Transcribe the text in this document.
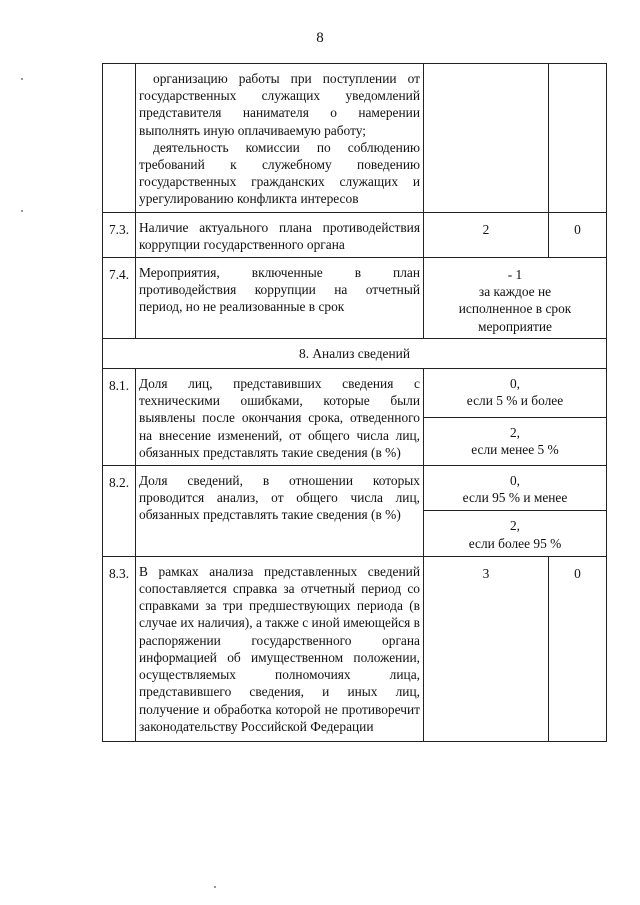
8

	организацию работы при поступлении от государственных служащих уведомлений представителя нанимателя о намерении выполнять иную оплачиваемую работу;

деятельность комиссии по соблюдению требований к служебному поведению государственных гражданских служащих и урегулированию конфликта интересов		

7.3.	Наличие актуального плана противодействия коррупции государственного органа	2	0
7.4.	Мероприятия, включенные в план противодействия коррупции на отчетный период, но не реализованные в срок	- 1
за каждое не исполненное в срок мероприятие	

8. Анализ сведений			
8.1.	Доля лиц, представивших сведения с техническими ошибками, которые были выявлены после окончания срока, отведенного на внесение изменений, от общего числа лиц, обязанных представлять такие сведения (в %)	0,
если 5 % и более	

		2,
если менее 5 %	

8.2.	Доля сведений, в отношении которых проводится анализ, от общего числа лиц, обязанных представлять такие сведения (в %)	0,
если 95 % и менее	

		2,
если более 95 %	

8.3.	В рамках анализа представленных сведений сопоставляется справка за отчетный период со справками за три предшествующих периода (в случае их наличия), а также с иной имеющейся в распоряжении государственного органа информацией об имущественном положении, осуществляемых полномочиях лица, представившего сведения, и иных лиц, получение и обработка которой не противоречит законодательству Российской Федерации	3	0
